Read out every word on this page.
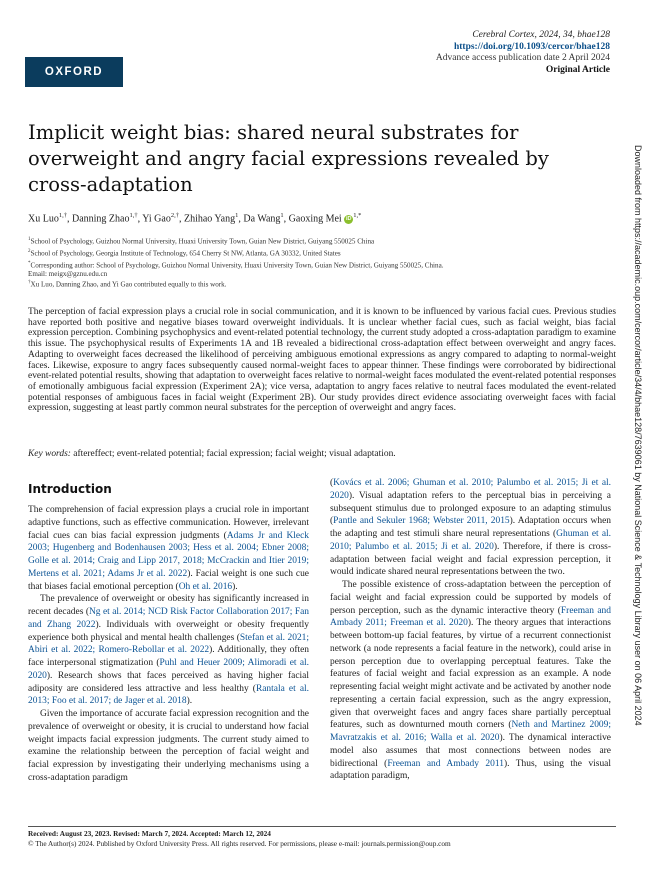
OXFORD
Cerebral Cortex, 2024, 34, bhae128
https://doi.org/10.1093/cercor/bhae128
Advance access publication date 2 April 2024
Original Article
Implicit weight bias: shared neural substrates for overweight and angry facial expressions revealed by cross-adaptation
Xu Luo$^{1,\dagger}$, Danning Zhao$^{1,\dagger}$, Yi Gao$^{2,\dagger}$, Zhihao Yang$^1$, Da Wang$^1$, Gaoxing Mei iD $^{1,*}$
$^1$School of Psychology, Guizhou Normal University, Huaxi University Town, Guian New District, Guiyang 550025 China
$^2$School of Psychology, Georgia Institute of Technology, 654 Cherry St NW, Atlanta, GA 30332, United States
*Corresponding author: School of Psychology, Guizhou Normal University, Huaxi University Town, Guian New District, Guiyang 550025, China.
Email: meigx@gznu.edu.cn
†Xu Luo, Danning Zhao, and Yi Gao contributed equally to this work.

The perception of facial expression plays a crucial role in social communication, and it is known to be influenced by various facial cues. Previous studies have reported both positive and negative biases toward overweight individuals. It is unclear whether facial cues, such as facial weight, bias facial expression perception. Combining psychophysics and event-related potential technology, the current study adopted a cross-adaptation paradigm to examine this issue. The psychophysical results of Experiments 1A and 1B revealed a bidirectional cross-adaptation effect between overweight and angry faces. Adapting to overweight faces decreased the likelihood of perceiving ambiguous emotional expressions as angry compared to adapting to normal-weight faces. Likewise, exposure to angry faces subsequently caused normal-weight faces to appear thinner. These findings were corroborated by bidirectional event-related potential results, showing that adaptation to overweight faces relative to normal-weight faces modulated the event-related potential responses of emotionally ambiguous facial expression (Experiment 2A); vice versa, adaptation to angry faces relative to neutral faces modulated the event-related potential responses of ambiguous faces in facial weight (Experiment 2B). Our study provides direct evidence associating overweight faces with facial expression, suggesting at least partly common neural substrates for the perception of overweight and angry faces.

Key words: aftereffect; event-related potential; facial expression; facial weight; visual adaptation.

Introduction

The comprehension of facial expression plays a crucial role in important adaptive functions, such as effective communication. However, irrelevant facial cues can bias facial expression judgments (Adams Jr and Kleck 2003; Hugenberg and Bodenhausen 2003; Hess et al. 2004; Ebner 2008; Golle et al. 2014; Craig and Lipp 2017, 2018; McCrackin and Itier 2019; Mertens et al. 2021; Adams Jr et al. 2022). Facial weight is one such cue that biases facial emotional perception (Oh et al. 2016).

The prevalence of overweight or obesity has significantly increased in recent decades (Ng et al. 2014; NCD Risk Factor Collaboration 2017; Fan and Zhang 2022). Individuals with overweight or obesity frequently experience both physical and mental health challenges (Stefan et al. 2021; Abiri et al. 2022; Romero-Rebollar et al. 2022). Additionally, they often face interpersonal stigmatization (Puhl and Heuer 2009; Alimoradi et al. 2020). Research shows that faces perceived as having higher facial adiposity are considered less attractive and less healthy (Rantala et al. 2013; Foo et al. 2017; de Jager et al. 2018).

Given the importance of accurate facial expression recognition and the prevalence of overweight or obesity, it is crucial to understand how facial weight impacts facial expression judgments. The current study aimed to examine the relationship between the perception of facial weight and facial expression by investigating their underlying mechanisms using a cross-adaptation paradigm

(Kovács et al. 2006; Ghuman et al. 2010; Palumbo et al. 2015; Ji et al. 2020). Visual adaptation refers to the perceptual bias in perceiving a subsequent stimulus due to prolonged exposure to an adapting stimulus (Pantle and Sekuler 1968; Webster 2011, 2015). Adaptation occurs when the adapting and test stimuli share neural representations (Ghuman et al. 2010; Palumbo et al. 2015; Ji et al. 2020). Therefore, if there is cross-adaptation between facial weight and facial expression perception, it would indicate shared neural representations between the two.

The possible existence of cross-adaptation between the perception of facial weight and facial expression could be supported by models of person perception, such as the dynamic interactive theory (Freeman and Ambady 2011; Freeman et al. 2020). The theory argues that interactions between bottom-up facial features, by virtue of a recurrent connectionist network (a node represents a facial feature in the network), could arise in person perception due to overlapping perceptual features. Take the features of facial weight and facial expression as an example. A node representing facial weight might activate and be activated by another node representing a certain facial expression, such as the angry expression, given that overweight faces and angry faces share partially perceptual features, such as downturned mouth corners (Neth and Martinez 2009; Mavratzakis et al. 2016; Walla et al. 2020). The dynamical interactive model also assumes that most connections between nodes are bidirectional (Freeman and Ambady 2011). Thus, using the visual adaptation paradigm,

Received: August 23, 2023. Revised: March 7, 2024. Accepted: March 12, 2024
© The Author(s) 2024. Published by Oxford University Press. All rights reserved. For permissions, please e-mail: journals.permission@oup.com
Downloaded from https://academic.oup.com/cercor/article/34/4/bhae128/7639061 by National Science & Technology Library user on 06 April 2024
